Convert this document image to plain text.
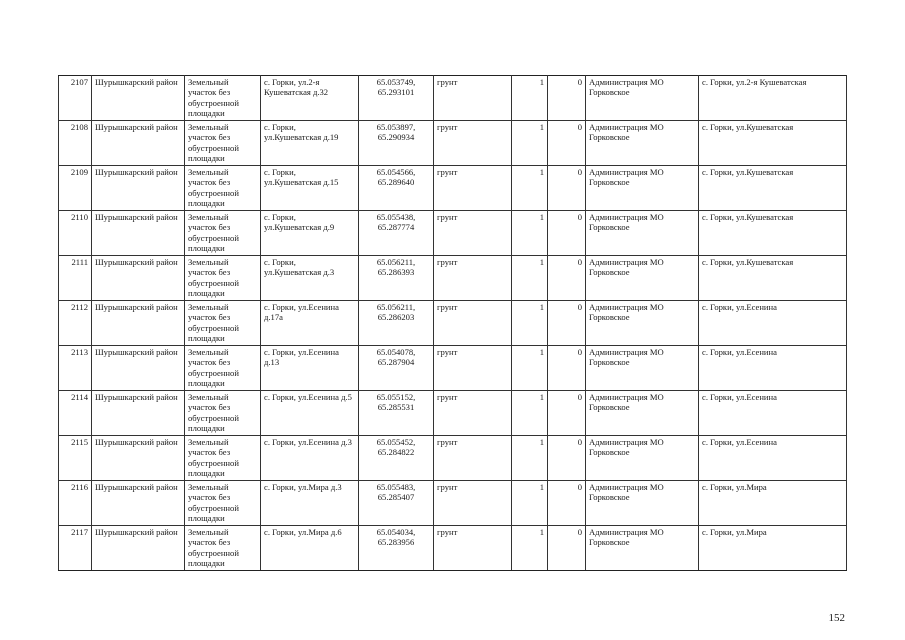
2107	Шурышкарский район	Земельный участок без обустроенной площадки	с. Горки, ул.2-я Кушеватская д.32	65.053749, 65.293101	грунт	1	0	Администрация МО Горковское	с. Горки, ул.2-я Кушеватская
2108	Шурышкарский район	Земельный участок без обустроенной площадки	с. Горки, ул.Кушеватская д.19	65.053897, 65.290934	грунт	1	0	Администрация МО Горковское	с. Горки, ул.Кушеватская
2109	Шурышкарский район	Земельный участок без обустроенной площадки	с. Горки, ул.Кушеватская д.15	65.054566, 65.289640	грунт	1	0	Администрация МО Горковское	с. Горки, ул.Кушеватская
2110	Шурышкарский район	Земельный участок без обустроенной площадки	с. Горки, ул.Кушеватская д.9	65.055438, 65.287774	грунт	1	0	Администрация МО Горковское	с. Горки, ул.Кушеватская
2111	Шурышкарский район	Земельный участок без обустроенной площадки	с. Горки, ул.Кушеватская д.3	65.056211, 65.286393	грунт	1	0	Администрация МО Горковское	с. Горки, ул.Кушеватская
2112	Шурышкарский район	Земельный участок без обустроенной площадки	с. Горки, ул.Есенина д.17а	65.056211, 65.286203	грунт	1	0	Администрация МО Горковское	с. Горки, ул.Есенина
2113	Шурышкарский район	Земельный участок без обустроенной площадки	с. Горки, ул.Есенина д.13	65.054078, 65.287904	грунт	1	0	Администрация МО Горковское	с. Горки, ул.Есенина
2114	Шурышкарский район	Земельный участок без обустроенной площадки	с. Горки, ул.Есенина д.5	65.055152, 65.285531	грунт	1	0	Администрация МО Горковское	с. Горки, ул.Есенина
2115	Шурышкарский район	Земельный участок без обустроенной площадки	с. Горки, ул.Есенина д.3	65.055452, 65.284822	грунт	1	0	Администрация МО Горковское	с. Горки, ул.Есенина
2116	Шурышкарский район	Земельный участок без обустроенной площадки	с. Горки, ул.Мира д.3	65.055483, 65.285407	грунт	1	0	Администрация МО Горковское	с. Горки, ул.Мира
2117	Шурышкарский район	Земельный участок без обустроенной площадки	с. Горки, ул.Мира д.6	65.054034, 65.283956	грунт	1	0	Администрация МО Горковское	с. Горки, ул.Мира
152
